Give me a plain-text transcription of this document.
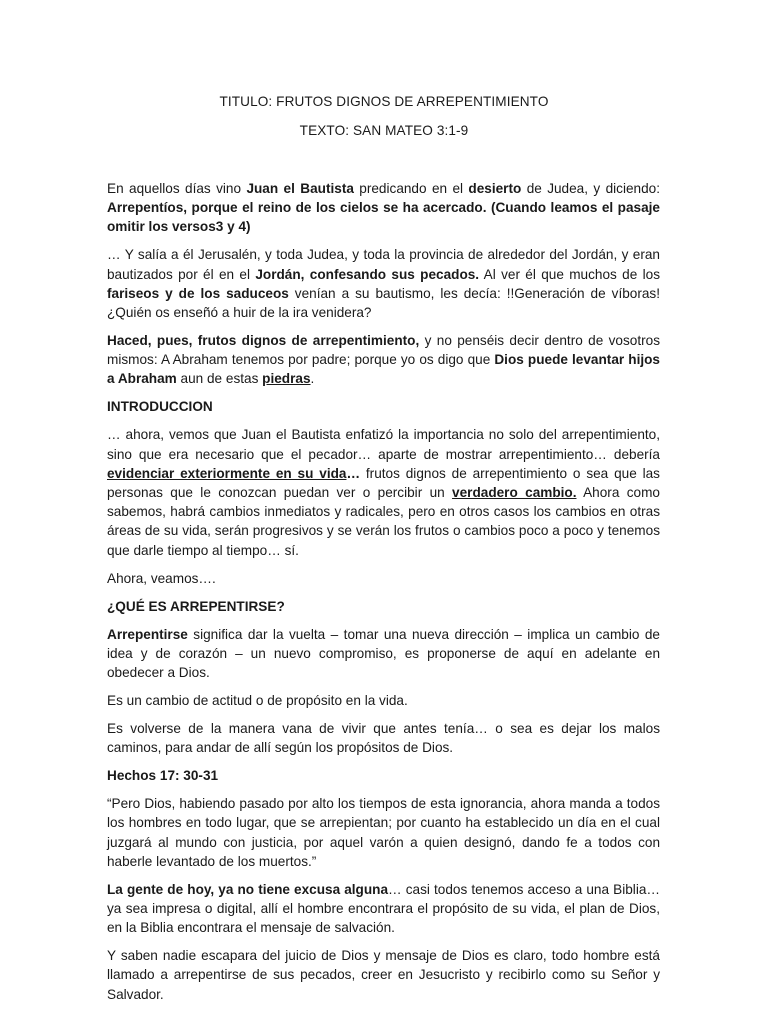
TITULO: FRUTOS DIGNOS DE ARREPENTIMIENTO
TEXTO: SAN MATEO 3:1-9

En aquellos días vino Juan el Bautista predicando en el desierto de Judea, y diciendo: Arrepentíos, porque el reino de los cielos se ha acercado. (Cuando leamos el pasaje omitir los versos3 y 4)

… Y salía a él Jerusalén, y toda Judea, y toda la provincia de alrededor del Jordán, y eran bautizados por él en el Jordán, confesando sus pecados. Al ver él que muchos de los fariseos y de los saduceos venían a su bautismo, les decía: !!Generación de víboras! ¿Quién os enseñó a huir de la ira venidera?

Haced, pues, frutos dignos de arrepentimiento, y no penséis decir dentro de vosotros mismos: A Abraham tenemos por padre; porque yo os digo que Dios puede levantar hijos a Abraham aun de estas piedras.

INTRODUCCION

… ahora, vemos que Juan el Bautista enfatizó la importancia no solo del arrepentimiento, sino que era necesario que el pecador… aparte de mostrar arrepentimiento… debería evidenciar exteriormente en su vida… frutos dignos de arrepentimiento o sea que las personas que le conozcan puedan ver o percibir un verdadero cambio. Ahora como sabemos, habrá cambios inmediatos y radicales, pero en otros casos los cambios en otras áreas de su vida, serán progresivos y se verán los frutos o cambios poco a poco y tenemos que darle tiempo al tiempo… sí.

Ahora, veamos….

¿QUÉ ES ARREPENTIRSE?

Arrepentirse significa dar la vuelta – tomar una nueva dirección – implica un cambio de idea y de corazón – un nuevo compromiso, es proponerse de aquí en adelante en obedecer a Dios.

Es un cambio de actitud o de propósito en la vida.

Es volverse de la manera vana de vivir que antes tenía… o sea es dejar los malos caminos, para andar de allí según los propósitos de Dios.

Hechos 17: 30-31

“Pero Dios, habiendo pasado por alto los tiempos de esta ignorancia, ahora manda a todos los hombres en todo lugar, que se arrepientan; por cuanto ha establecido un día en el cual juzgará al mundo con justicia, por aquel varón a quien designó, dando fe a todos con haberle levantado de los muertos.”

La gente de hoy, ya no tiene excusa alguna… casi todos tenemos acceso a una Biblia… ya sea impresa o digital, allí el hombre encontrara el propósito de su vida, el plan de Dios, en la Biblia encontrara el mensaje de salvación.

Y saben nadie escapara del juicio de Dios y mensaje de Dios es claro, todo hombre está llamado a arrepentirse de sus pecados, creer en Jesucristo y recibirlo como su Señor y Salvador.
